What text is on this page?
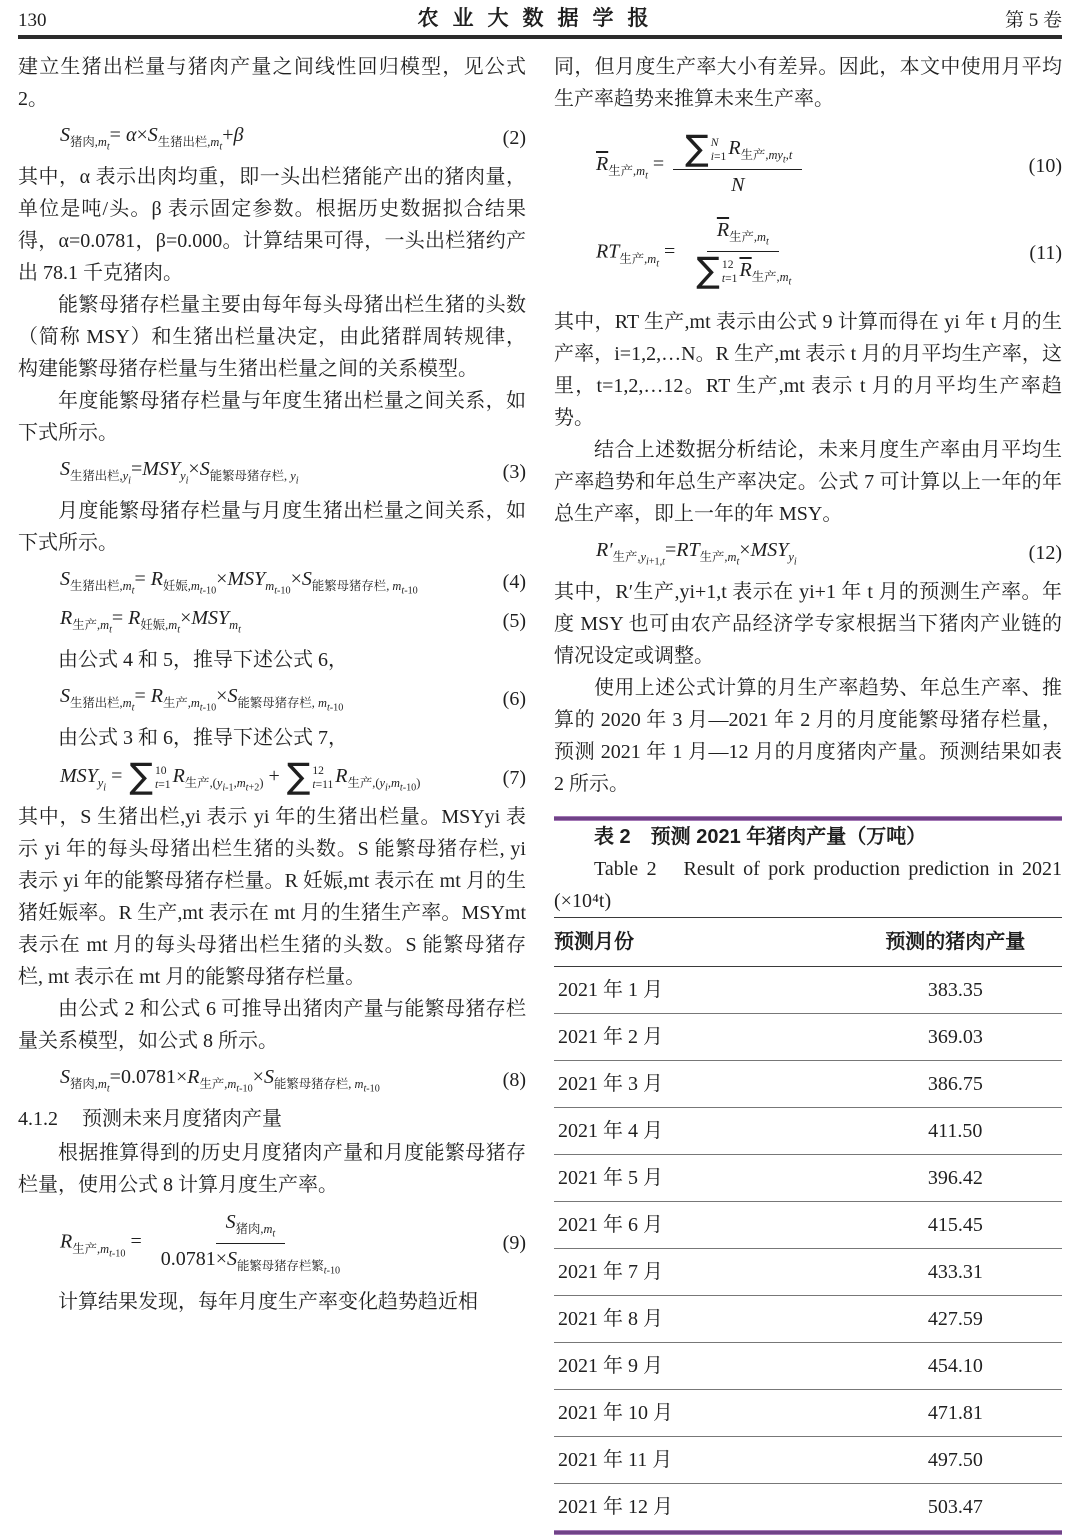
130	农业大数据学报	第 5 卷

建立生猪出栏量与猪肉产量之间线性回归模型，见公式 2。

$S_{猪肉,m_t}= \alpha\times S_{生猪出栏,m_t}+\beta$	(2)

其中，α 表示出肉均重，即一头出栏猪能产出的猪肉量，单位是吨/头。β 表示固定参数。根据历史数据拟合结果得，α=0.0781，β=0.000。计算结果可得，一头出栏猪约产出 78.1 千克猪肉。

能繁母猪存栏量主要由每年每头母猪出栏生猪的头数（简称 MSY）和生猪出栏量决定，由此猪群周转规律，构建能繁母猪存栏量与生猪出栏量之间的关系模型。

年度能繁母猪存栏量与年度生猪出栏量之间关系，如下式所示。

$S_{生猪出栏,y_i}=MSY_{y_i}\times S_{能繁母猪存栏, y_i}$	(3)

月度能繁母猪存栏量与月度生猪出栏量之间关系，如下式所示。

$S_{生猪出栏,m_t}= R_{妊娠,m_{t-10}}\times MSY_{m_{t-10}}\times S_{能繁母猪存栏, m_{t-10}}$	(4)
$R_{生产,m_t}= R_{妊娠,m_t}\times MSY_{m_t}$	(5)

由公式 4 和 5，推导下述公式 6，

$S_{生猪出栏,m_t}= R_{生产,m_{t-10}}\times S_{能繁母猪存栏, m_{t-10}}$	(6)

由公式 3 和 6，推导下述公式 7，

$MSY_{y_i}$ = ∑ 10
t=1 $R_{生产,(y_{i-1},m_{t+2})}$ + ∑ 12
t=11 $R_{生产,(y_i,m_{t-10})}$	(7)

其中，S 生猪出栏,yi 表示 yi 年的生猪出栏量。MSYyi 表示 yi 年的每头母猪出栏生猪的头数。S 能繁母猪存栏, yi 表示 yi 年的能繁母猪存栏量。R 妊娠,mt 表示在 mt 月的生猪妊娠率。R 生产,mt 表示在 mt 月的生猪生产率。MSYmt 表示在 mt 月的每头母猪出栏生猪的头数。S 能繁母猪存栏, mt 表示在 mt 月的能繁母猪存栏量。

由公式 2 和公式 6 可推导出猪肉产量与能繁母猪存栏量关系模型，如公式 8 所示。

$S_{猪肉,m_t}=0.0781\times R_{生产,m_{t-10}}\times S_{能繁母猪存栏, m_{t-10}}$	(8)

4.1.2 预测未来月度猪肉产量

根据推算得到的历史月度猪肉产量和月度能繁母猪存栏量，使用公式 8 计算月度生产率。

$R_{生产,m_{t-10}} = \frac{S_{猪肉,m_t}}{0.0781\times S_{能繁母猪存栏繁_{t-10}}}$	(9)

计算结果发现，每年月度生产率变化趋势趋近相

同，但月度生产率大小有差异。因此，本文中使用月平均生产率趋势来推算未来生产率。

$\overline{R}_{生产,m_t}$ = ∑ N
i=1 $R_{生产,my_t,t}$
N	(10)
$RT_{生产,m_t} = \overline{R}_{生产,m_t}$
∑ 12
t=1 $\overline{R}_{生产,m_t}$	(11)

其中，RT 生产,mt 表示由公式 9 计算而得在 yi 年 t 月的生产率，i=1,2,…N。R 生产,mt 表示 t 月的月平均生产率，这里，t=1,2,…12。RT 生产,mt 表示 t 月的月平均生产率趋势。

结合上述数据分析结论，未来月度生产率由月平均生产率趋势和年总生产率决定。公式 7 可计算以上一年的年总生产率，即上一年的年 MSY。

$R'_{生产,y_{i+1,t}}=RT_{生产,m_t}\times MSY_{y_i}$	(12)

其中，R′生产,yi+1,t 表示在 yi+1 年 t 月的预测生产率。年度 MSY 也可由农产品经济学专家根据当下猪肉产业链的情况设定或调整。

使用上述公式计算的月生产率趋势、年总生产率、推算的 2020 年 3 月—2021 年 2 月的月度能繁母猪存栏量，预测 2021 年 1 月—12 月的月度猪肉产量。预测结果如表 2 所示。

表 2　预测 2021 年猪肉产量（万吨）

Table 2　Result of pork production prediction in 2021 (×10⁴t)

预测月份	预测的猪肉产量
2021 年 1 月	383.35
2021 年 2 月	369.03
2021 年 3 月	386.75
2021 年 4 月	411.50
2021 年 5 月	396.42
2021 年 6 月	415.45
2021 年 7 月	433.31
2021 年 8 月	427.59
2021 年 9 月	454.10
2021 年 10 月	471.81
2021 年 11 月	497.50
2021 年 12 月	503.47
